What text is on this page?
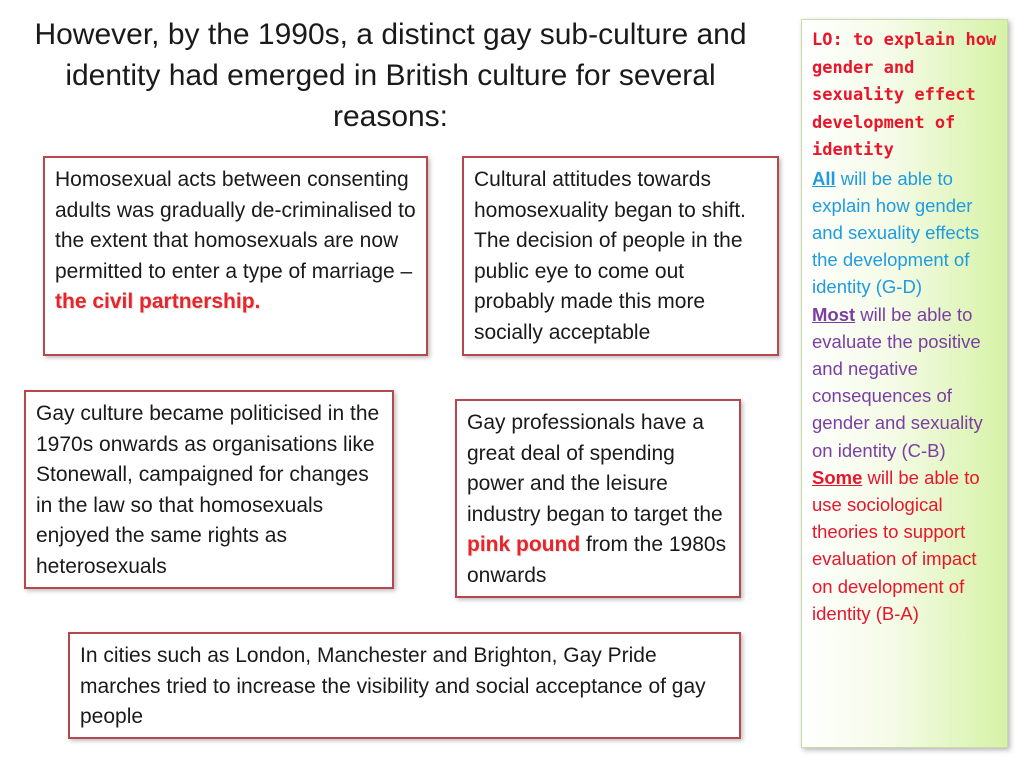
However, by the 1990s, a distinct gay sub-culture and identity had emerged in British culture for several reasons:
Homosexual acts between consenting adults was gradually de-criminalised to the extent that homosexuals are now permitted to enter a type of marriage – the civil partnership.
Cultural attitudes towards homosexuality began to shift. The decision of people in the public eye to come out probably made this more socially acceptable
Gay culture became politicised in the 1970s onwards as organisations like Stonewall, campaigned for changes in the law so that homosexuals enjoyed the same rights as heterosexuals
Gay professionals have a great deal of spending power and the leisure industry began to target the pink pound from the 1980s onwards
In cities such as London, Manchester and Brighton, Gay Pride marches tried to increase the visibility and social acceptance of gay people
LO: to explain how gender and sexuality effect development of identity
All will be able to explain how gender and sexuality effects the development of identity (G-D)
Most will be able to evaluate the positive and negative consequences of gender and sexuality on identity (C-B)
Some will be able to use sociological theories to support evaluation of impact on development of identity (B-A)
